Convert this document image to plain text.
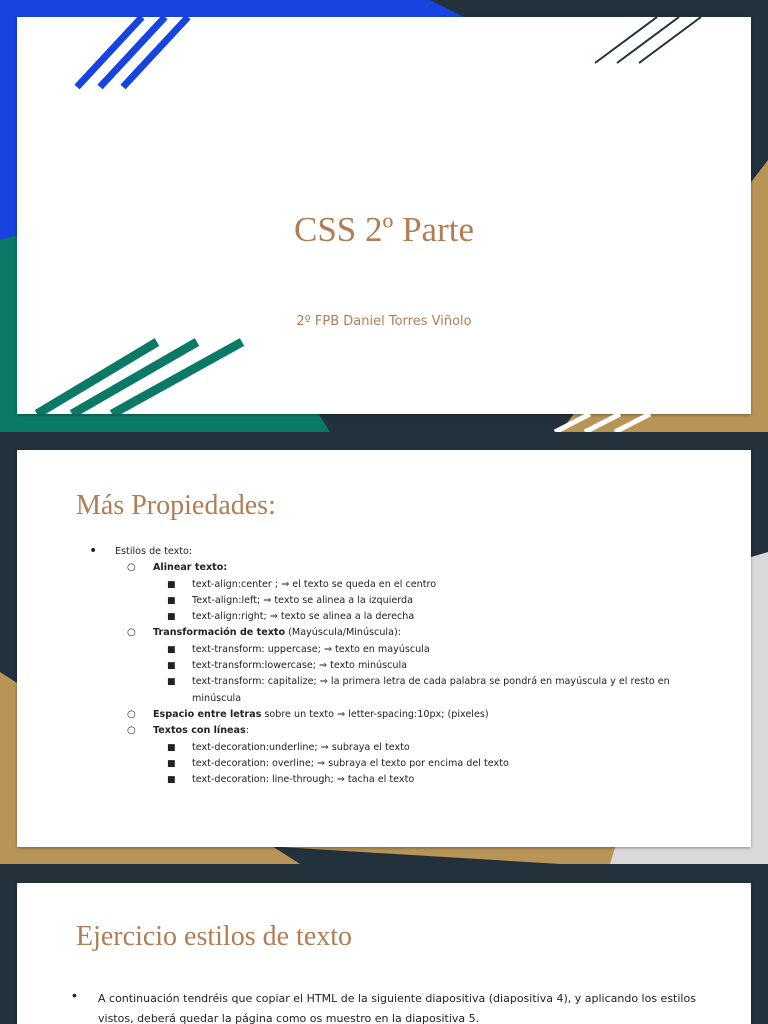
CSS 2º Parte
2º FPB Daniel Torres Viñolo
Más Propiedades:
• Estilos de texto:
○ Alinear texto:
■ text-align:center ; ⇒ el texto se queda en el centro
■ Text-align:left; ⇒ texto se alinea a la izquierda
■ text-align:right; ⇒ texto se alinea a la derecha
○ Transformación de texto (Mayúscula/Minúscula):
■ text-transform: uppercase; ⇒ texto en mayúscula
■ text-transform:lowercase; ⇒ texto minúscula
■ text-transform: capitalize; ⇒ la primera letra de cada palabra se pondrá en mayúscula y el resto en minúscula
○ Espacio entre letras sobre un texto ⇒ letter-spacing:10px; (pixeles)
○ Textos con líneas:
■ text-decoration:underline; ⇒ subraya el texto
■ text-decoration: overline; ⇒ subraya el texto por encima del texto
■ text-decoration: line-through; ⇒ tacha el texto
Ejercicio estilos de texto
• A continuación tendréis que copiar el HTML de la siguiente diapositiva (diapositiva 4), y aplicando los estilos vistos, deberá quedar la página como os muestro en la diapositiva 5.
